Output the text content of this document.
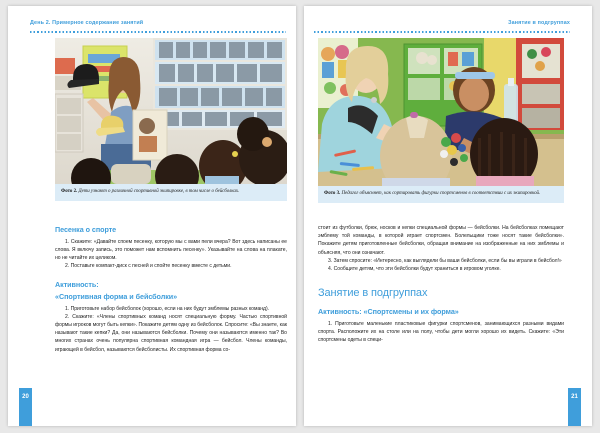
День 2. Примерное содержание занятий
Фото 2. Дети узнают о различной спортивной экипировке, в том числе о бейсболках.
Песенка о спорте

1. Скажите: «Давайте споем песенку, которую мы с вами пели вчера? Вот здесь написаны ее слова. Я включу запись, это поможет нам вспомнить песенку». Указывайте на слова на плакате, но не читайте их целиком.

2. Поставьте компакт-диск с песней и спойте песенку вместе с детьми.

Активность:
«Спортивная форма и бейсболки»

1. Приготовьте набор бейсболок (хорошо, если на них будут эмблемы разных команд).

2. Скажите: «Члены спортивных команд носят специальную форму. Частью спортивной формы игроков могут быть кепки». Покажите детям одну из бейсболок. Спросите: «Вы знаете, как называют такие кепки? Да, они называются бейсболки. Почему они называются именно так? Во многих странах очень популярна спортивная командная игра — бейсбол. Члены команды, играющей в бейсбол, называются бейсболисты. Их спортивная форма со-

20
Занятие в подгруппах
Фото 3. Педагог объясняет, как сортировать фигурки спортсменов в соответствии с их экипировкой.

стоит из футболки, брюк, носков и кепки специальной формы — бейсболки. На бейсболках помещают эмблему той команды, в которой играет спортсмен. Болельщики тоже носят такие бейсболки». Покажите детям приготовленные бейсболки, обращая внимание на изображенные на них эмблемы и объясняя, что они означают.

3. Затем спросите: «Интересно, как выглядели бы ваши бейсболки, если бы вы играли в бейсбол!»

4. Сообщите детям, что эти бейсболки будут храниться в игровом уголке.

Занятие в подгруппах
Активность: «Спортсмены и их форма»

1. Приготовьте маленькие пластиковые фигурки спортсменов, занимающихся разными видами спорта. Расположите их на столе или на полу, чтобы дети могли хорошо их видеть. Скажите: «Эти спортсмены одеты в специ-

21
